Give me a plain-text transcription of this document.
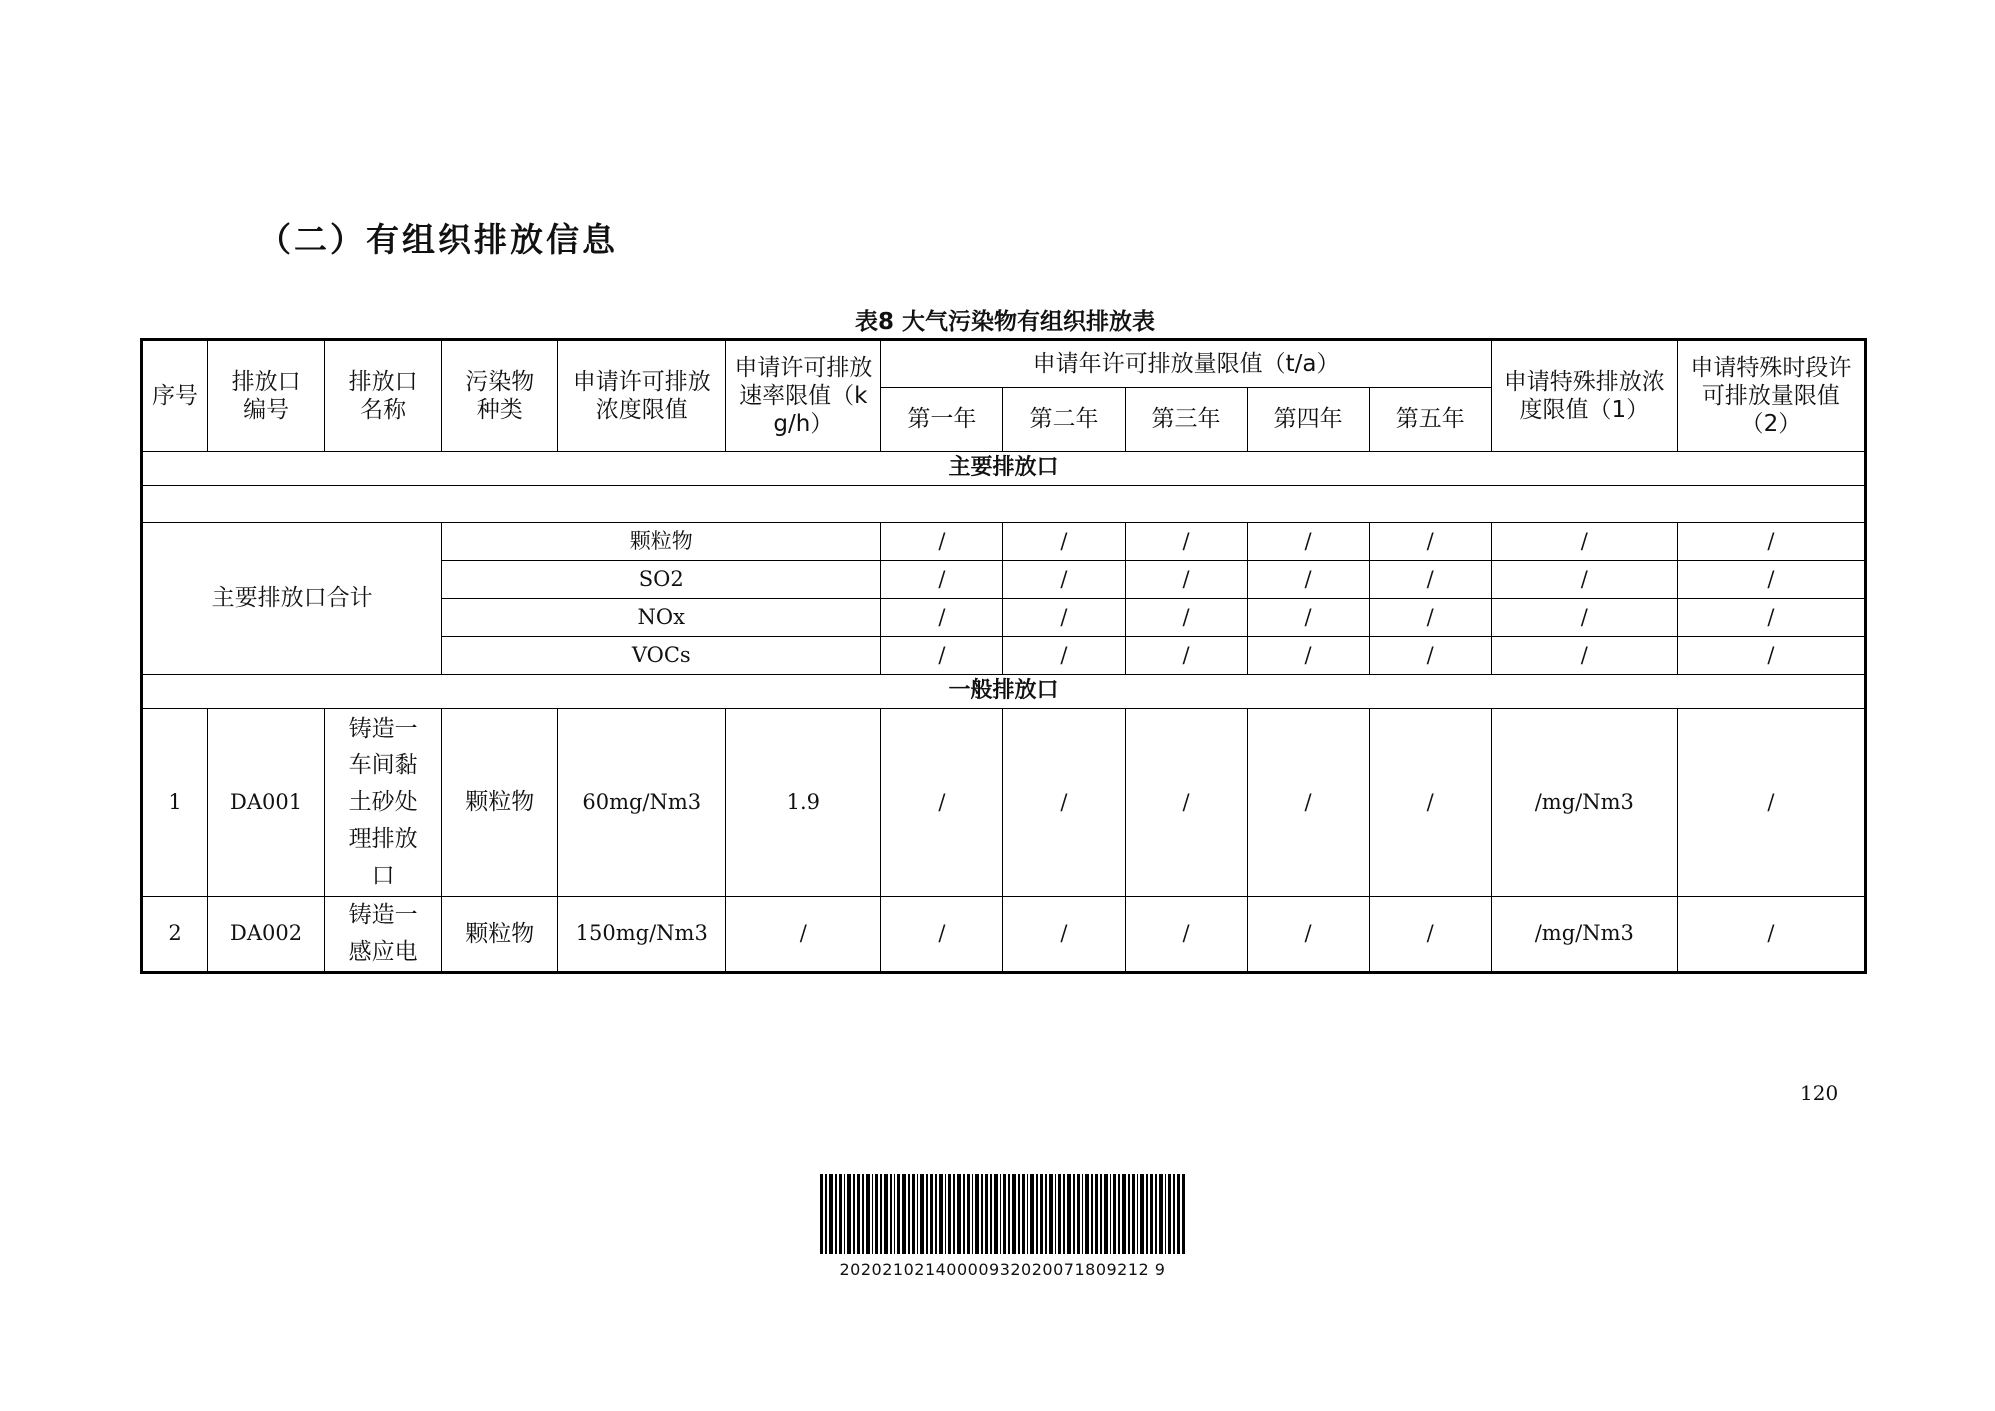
（二）有组织排放信息
表8 大气污染物有组织排放表
序号	排放口编号	排放口名称	污染物种类	申请许可排放浓度限值	申请许可排放速率限值（kg/h）	申请年许可排放量限值（t/a）					申请特殊排放浓度限值（1）	申请特殊时段许可排放量限值（2）
						第一年	第二年	第三年	第四年	第五年		
主要排放口												

主要排放口合计			颗粒物			/	/	/	/	/	/	/
			SO2			/	/	/	/	/	/	/
			NOx			/	/	/	/	/	/	/
			VOCs			/	/	/	/	/	/	/
一般排放口												
1	DA001	铸造一车间黏土砂处理排放口	颗粒物	60mg/Nm3	1.9	/	/	/	/	/	/mg/Nm3	/
2	DA002	铸造一感应电	颗粒物	150mg/Nm3	/	/	/	/	/	/	/mg/Nm3	/
120
20202102140000932020071809212 9
